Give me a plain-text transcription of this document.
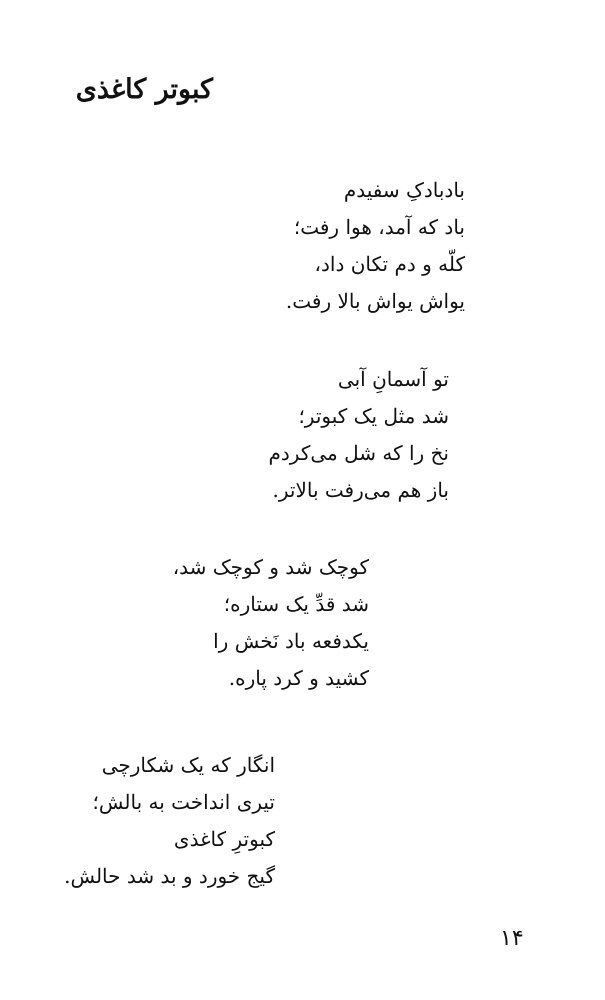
کبوتر کاغذی
بادبادکِ سفیدم
باد که آمد، هوا رفت؛
کلّه و دم تکان داد،
یواش یواش بالا رفت.
تو آسمانِ آبی
شد مثل یک کبوتر؛
نخ را که شل می‌کردم
باز هم می‌رفت بالاتر.
کوچک شد و کوچک شد،
شد قدِّ یک ستاره؛
یکدفعه باد نَخش را
کشید و کرد پاره.
انگار که یک شکارچی
تیری انداخت به بالش؛
کبوترِ کاغذی
گیج خورد و بد شد حالش.
۱۴
